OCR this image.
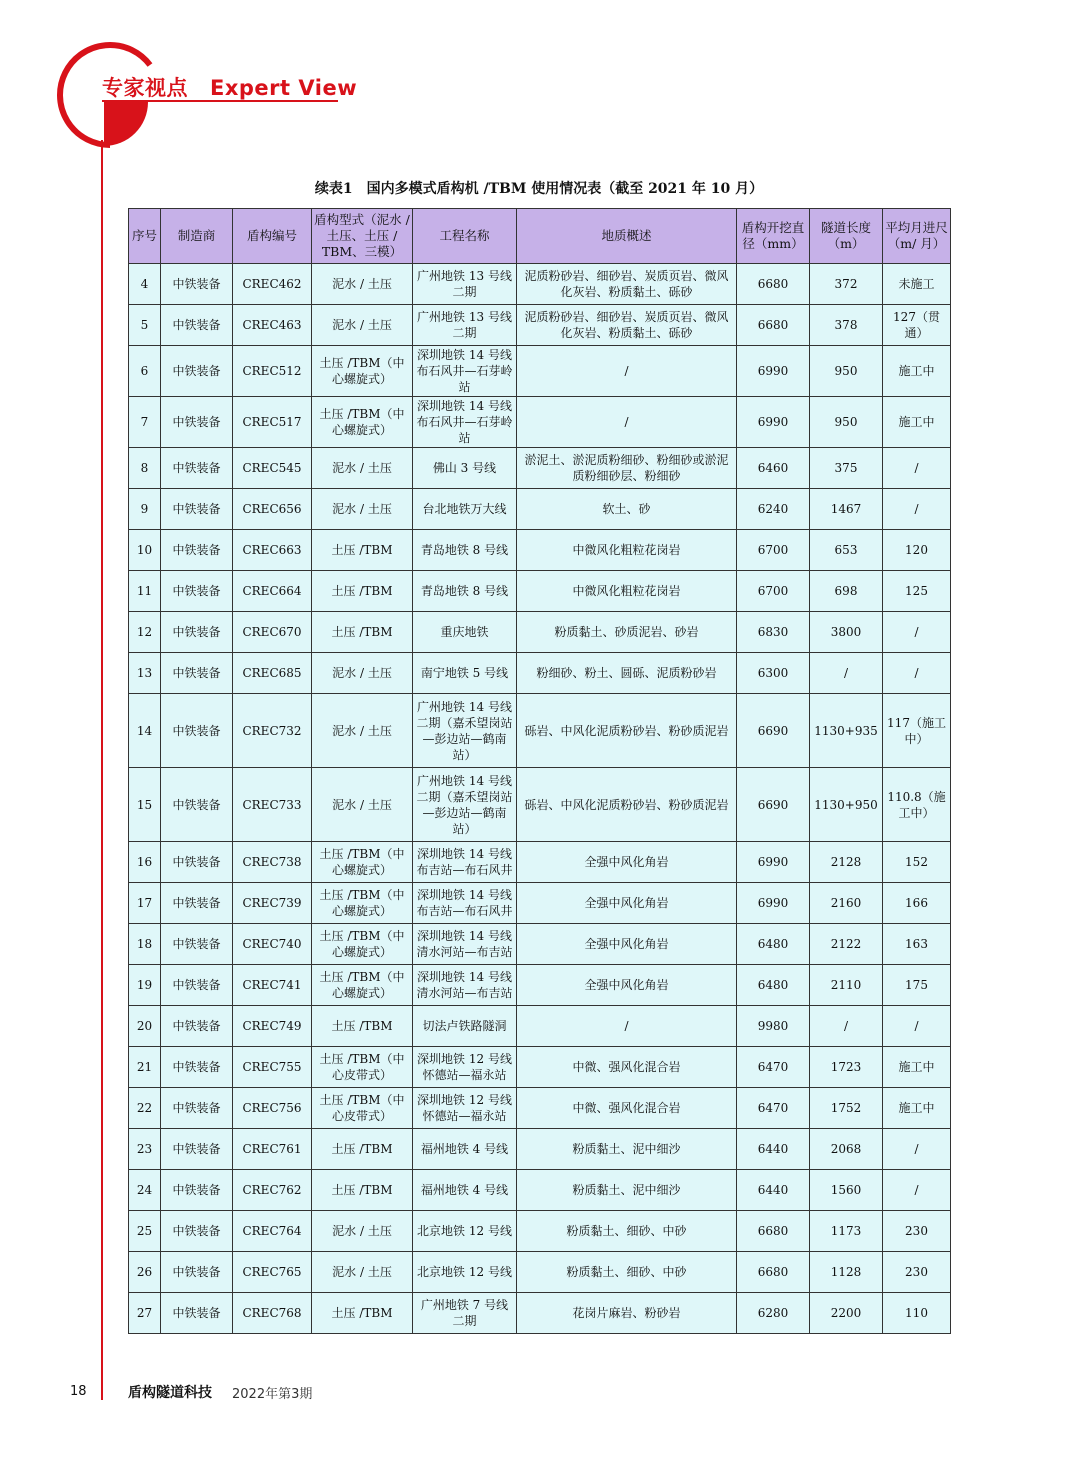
专家视点 Expert View
续表1　国内多模式盾构机 /TBM 使用情况表（截至 2021 年 10 月）
序号	制造商	盾构编号	盾构型式（泥水 / 土压、土压 / TBM、三模）	工程名称	地质概述	盾构开挖直径（mm）	隧道长度（m）	平均月进尺（m/ 月）
4	中铁装备	CREC462	泥水 / 土压	广州地铁 13 号线二期	泥质粉砂岩、细砂岩、炭质页岩、微风化灰岩、粉质黏土、砾砂	6680	372	未施工
5	中铁装备	CREC463	泥水 / 土压	广州地铁 13 号线二期	泥质粉砂岩、细砂岩、炭质页岩、微风化灰岩、粉质黏土、砾砂	6680	378	127（贯通）
6	中铁装备	CREC512	土压 /TBM（中心螺旋式）	深圳地铁 14 号线布石风井—石芽岭站	/	6990	950	施工中
7	中铁装备	CREC517	土压 /TBM（中心螺旋式）	深圳地铁 14 号线布石风井—石芽岭站	/	6990	950	施工中
8	中铁装备	CREC545	泥水 / 土压	佛山 3 号线	淤泥土、淤泥质粉细砂、粉细砂或淤泥质粉细砂层、粉细砂	6460	375	/
9	中铁装备	CREC656	泥水 / 土压	台北地铁万大线	软土、砂	6240	1467	/
10	中铁装备	CREC663	土压 /TBM	青岛地铁 8 号线	中微风化粗粒花岗岩	6700	653	120
11	中铁装备	CREC664	土压 /TBM	青岛地铁 8 号线	中微风化粗粒花岗岩	6700	698	125
12	中铁装备	CREC670	土压 /TBM	重庆地铁	粉质黏土、砂质泥岩、砂岩	6830	3800	/
13	中铁装备	CREC685	泥水 / 土压	南宁地铁 5 号线	粉细砂、粉土、圆砾、泥质粉砂岩	6300	/	/
14	中铁装备	CREC732	泥水 / 土压	广州地铁 14 号线二期（嘉禾望岗站—彭边站—鹤南站）	砾岩、中风化泥质粉砂岩、粉砂质泥岩	6690	1130+935	117（施工中）
15	中铁装备	CREC733	泥水 / 土压	广州地铁 14 号线二期（嘉禾望岗站—彭边站—鹤南站）	砾岩、中风化泥质粉砂岩、粉砂质泥岩	6690	1130+950	110.8（施工中）
16	中铁装备	CREC738	土压 /TBM（中心螺旋式）	深圳地铁 14 号线布吉站—布石风井	全强中风化角岩	6990	2128	152
17	中铁装备	CREC739	土压 /TBM（中心螺旋式）	深圳地铁 14 号线布吉站—布石风井	全强中风化角岩	6990	2160	166
18	中铁装备	CREC740	土压 /TBM（中心螺旋式）	深圳地铁 14 号线清水河站—布吉站	全强中风化角岩	6480	2122	163
19	中铁装备	CREC741	土压 /TBM（中心螺旋式）	深圳地铁 14 号线清水河站—布吉站	全强中风化角岩	6480	2110	175
20	中铁装备	CREC749	土压 /TBM	切法卢铁路隧洞	/	9980	/	/
21	中铁装备	CREC755	土压 /TBM（中心皮带式）	深圳地铁 12 号线怀德站—福永站	中微、强风化混合岩	6470	1723	施工中
22	中铁装备	CREC756	土压 /TBM（中心皮带式）	深圳地铁 12 号线怀德站—福永站	中微、强风化混合岩	6470	1752	施工中
23	中铁装备	CREC761	土压 /TBM	福州地铁 4 号线	粉质黏土、泥中细沙	6440	2068	/
24	中铁装备	CREC762	土压 /TBM	福州地铁 4 号线	粉质黏土、泥中细沙	6440	1560	/
25	中铁装备	CREC764	泥水 / 土压	北京地铁 12 号线	粉质黏土、细砂、中砂	6680	1173	230
26	中铁装备	CREC765	泥水 / 土压	北京地铁 12 号线	粉质黏土、细砂、中砂	6680	1128	230
27	中铁装备	CREC768	土压 /TBM	广州地铁 7 号线二期	花岗片麻岩、粉砂岩	6280	2200	110
18	盾构隧道科技 2022年第3期
